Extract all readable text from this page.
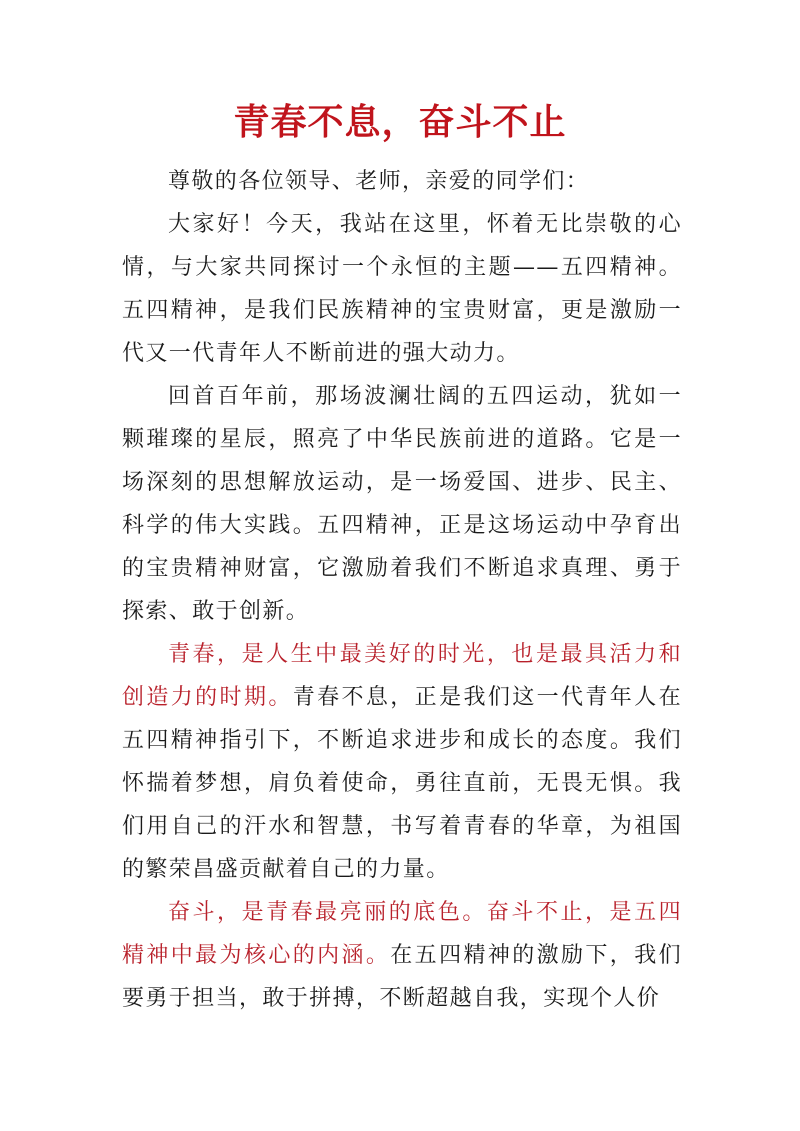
青春不息，奋斗不止

尊敬的各位领导、老师，亲爱的同学们：

大家好！今天，我站在这里，怀着无比崇敬的心情，与大家共同探讨一个永恒的主题——五四精神。五四精神，是我们民族精神的宝贵财富，更是激励一代又一代青年人不断前进的强大动力。

回首百年前，那场波澜壮阔的五四运动，犹如一颗璀璨的星辰，照亮了中华民族前进的道路。它是一场深刻的思想解放运动，是一场爱国、进步、民主、科学的伟大实践。五四精神，正是这场运动中孕育出的宝贵精神财富，它激励着我们不断追求真理、勇于探索、敢于创新。

青春，是人生中最美好的时光，也是最具活力和创造力的时期。青春不息，正是我们这一代青年人在五四精神指引下，不断追求进步和成长的态度。我们怀揣着梦想，肩负着使命，勇往直前，无畏无惧。我们用自己的汗水和智慧，书写着青春的华章，为祖国的繁荣昌盛贡献着自己的力量。

奋斗，是青春最亮丽的底色。奋斗不止，是五四精神中最为核心的内涵。在五四精神的激励下，我们要勇于担当，敢于拼搏，不断超越自我，实现个人价
